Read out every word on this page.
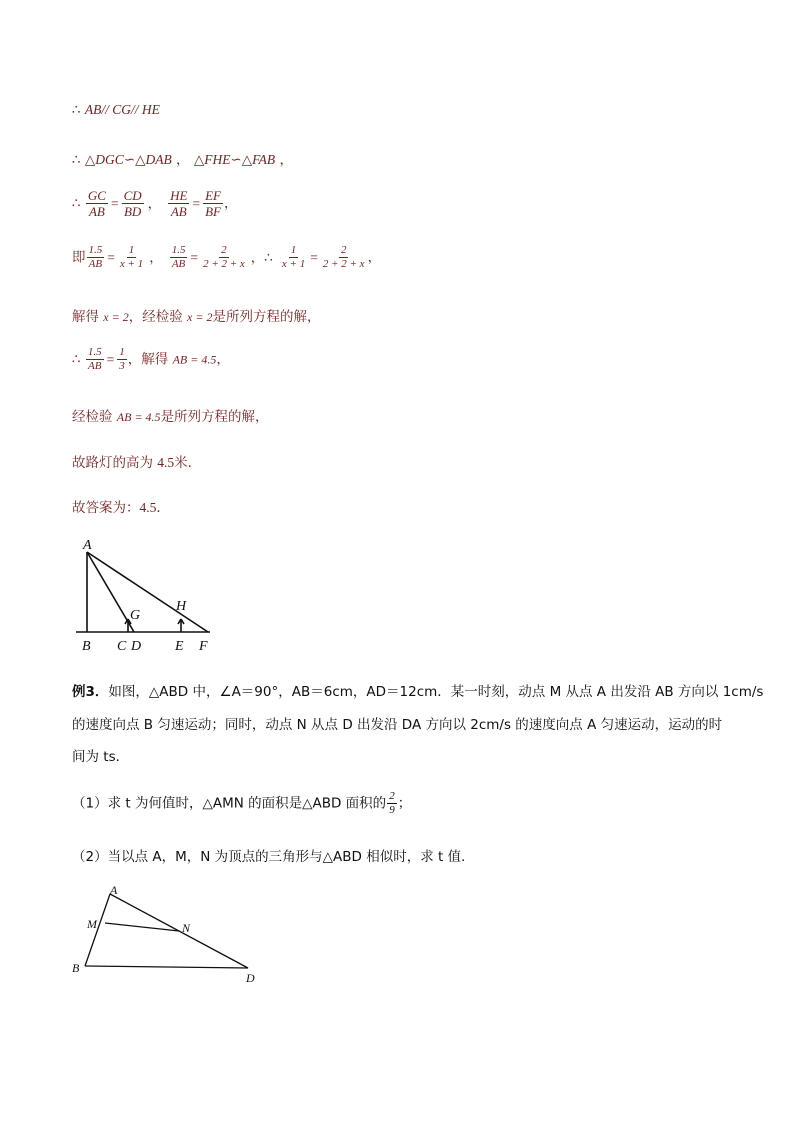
∴ AB// CG// HE
∴ △DGC∽△DAB ， △FHE∽△FAB ，
∴ $\frac{GC}{AB} = \frac{CD}{BD}$ ， $\frac{HE}{AB} = \frac{EF}{BF}$ ，
即 $\frac{1.5}{AB} = \frac{1}{x + 1}$ ， $\frac{1.5}{AB} = \frac{2}{2 + 2 + x}$ ，∴ $\frac{1}{x + 1} = \frac{2}{2 + 2 + x}$ ，
解得 x = 2，经检验 x = 2是所列方程的解，
∴ $\frac{1.5}{AB} = \frac{1}{3}$ ，解得 AB = 4.5，
经检验 AB = 4.5是所列方程的解，
故路灯的高为 4.5米．
故答案为：4.5．
A
B C D
G
H
E F
例3．如图，△ABD 中，∠A＝90°，AB＝6cm，AD＝12cm．某一时刻，动点 M 从点 A 出发沿 AB 方向以 1cm/s
的速度向点 B 匀速运动；同时，动点 N 从点 D 出发沿 DA 方向以 2cm/s 的速度向点 A 匀速运动，运动的时
间为 ts．
（1）求 t 为何值时，△AMN 的面积是△ABD 面积的 $\frac{2}{9}$ ；
（2）当以点 A，M，N 为顶点的三角形与△ABD 相似时，求 t 值．
A
M	N
B
D
